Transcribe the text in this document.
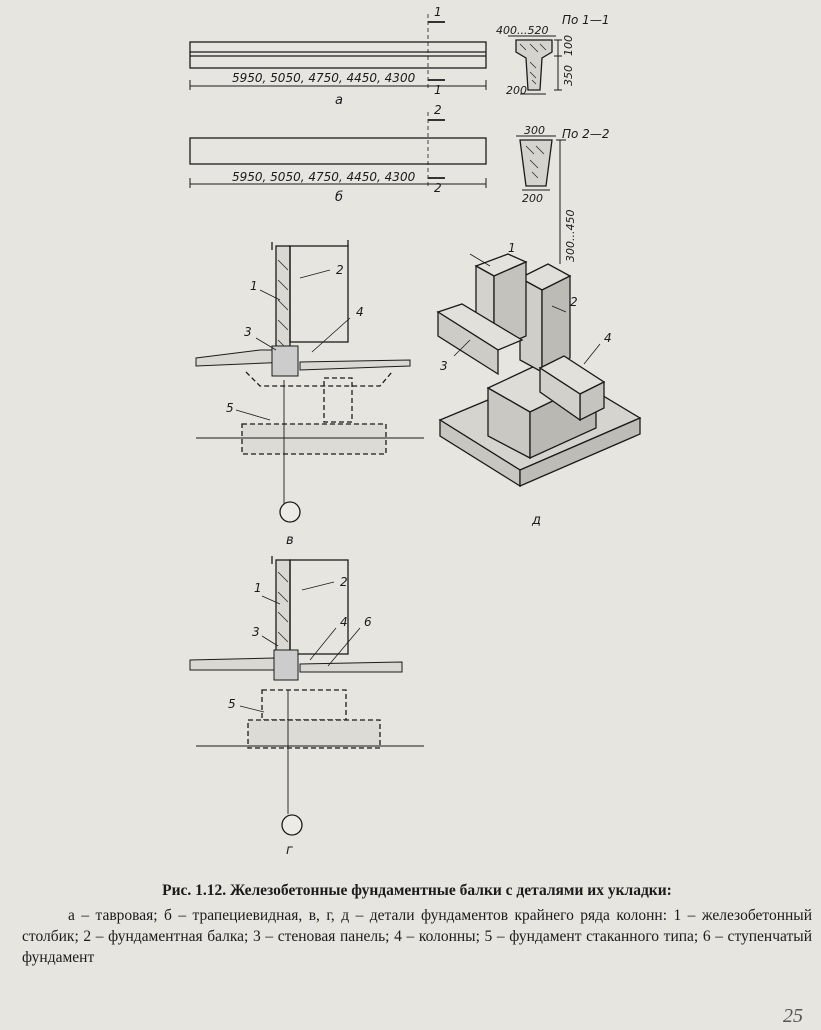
5950, 5050, 4750, 4450, 4300
а
1
1
По 1—1
400...520
200
100
350
5950, 5050, 4750, 4450, 4300
б
2
2
По 2—2
300
200
300...450
1
2
3
4
5
в
1	2
3
4 6
5
г
1
2
3
4
д
Рис. 1.12. Железобетонные фундаментные балки с деталями их укладки:
а – тавровая; б – трапециевидная, в, г, д – детали фундаментов крайнего ряда колонн: 1 – железобетонный столбик; 2 – фундаментная балка; 3 – стеновая панель; 4 – колонны; 5 – фундамент стаканного типа; 6 – ступенчатый фундамент
25
